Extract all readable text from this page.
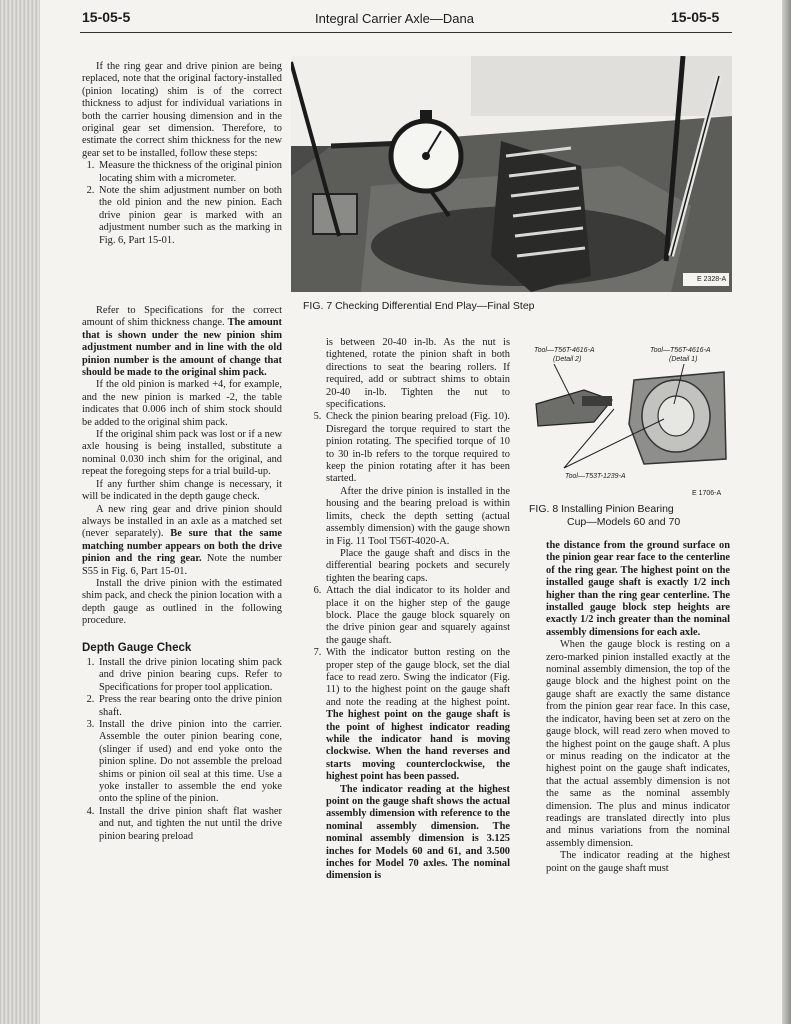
15-05-5	Integral Carrier Axle—Dana	15-05-5
E 2328-A
FIG. 7 Checking Differential End Play—Final Step
Tool—T56T-4616-A
(Detail 2)
Tool—T56T-4616-A
(Detail 1)
Tool—T53T-1239-A
E 1706-A
FIG. 8 Installing Pinion Bearing
Cup—Models 60 and 70

If the ring gear and drive pinion are being replaced, note that the original factory-installed (pinion locating) shim is of the correct thickness to adjust for individual variations in both the carrier housing dimension and in the original gear set dimension. Therefore, to estimate the correct shim thickness for the new gear set to be installed, follow these steps:

1. Measure the thickness of the original pinion locating shim with a micrometer.
2. Note the shim adjustment number on both the old pinion and the new pinion. Each drive pinion gear is marked with an adjustment number such as the marking in Fig. 6, Part 15-01.

Refer to Specifications for the correct amount of shim thickness change. The amount that is shown under the new pinion shim adjustment number and in line with the old pinion number is the amount of change that should be made to the original shim pack.

If the old pinion is marked +4, for example, and the new pinion is marked -2, the table indicates that 0.006 inch of shim stock should be added to the original shim pack.

If the original shim pack was lost or if a new axle housing is being installed, substitute a nominal 0.030 inch shim for the original, and repeat the foregoing steps for a trial build-up.

If any further shim change is necessary, it will be indicated in the depth gauge check.

A new ring gear and drive pinion should always be installed in an axle as a matched set (never separately). Be sure that the same matching number appears on both the drive pinion and the ring gear. Note the number S55 in Fig. 6, Part 15-01.

Install the drive pinion with the estimated shim pack, and check the pinion location with a depth gauge as outlined in the following procedure.

Depth Gauge Check
1. Install the drive pinion locating shim pack and drive pinion bearing cups. Refer to Specifications for proper tool application.
2. Press the rear bearing onto the drive pinion shaft.
3. Install the drive pinion into the carrier. Assemble the outer pinion bearing cone, (slinger if used) and end yoke onto the pinion spline. Do not assemble the preload shims or pinion oil seal at this time. Use a yoke installer to assemble the end yoke onto the spline of the pinion.
4. Install the drive pinion shaft flat washer and nut, and tighten the nut until the drive pinion bearing preload

is between 20-40 in-lb. As the nut is tightened, rotate the pinion shaft in both directions to seat the bearing rollers. If required, add or subtract shims to obtain 20-40 in-lb. Tighten the nut to specifications.

5. Check the pinion bearing preload (Fig. 10). Disregard the torque required to start the pinion rotating. The specified torque of 10 to 30 in-lb refers to the torque required to keep the pinion rotating after it has been started.

After the drive pinion is installed in the housing and the bearing preload is within limits, check the depth setting (actual assembly dimension) with the gauge shown in Fig. 11 Tool T56T-4020-A.

Place the gauge shaft and discs in the differential bearing pockets and securely tighten the bearing caps.

6. Attach the dial indicator to its holder and place it on the higher step of the gauge block. Place the gauge block squarely on the drive pinion gear and squarely against the gauge shaft.
7. With the indicator button resting on the proper step of the gauge block, set the dial face to read zero. Swing the indicator (Fig. 11) to the highest point on the gauge shaft and note the reading at the highest point. The highest point on the gauge shaft is the point of highest indicator reading while the indicator hand is moving clockwise. When the hand reverses and starts moving counterclockwise, the highest point has been passed.

The indicator reading at the highest point on the gauge shaft shows the actual assembly dimension with reference to the nominal assembly dimension. The nominal assembly dimension is 3.125 inches for Models 60 and 61, and 3.500 inches for Model 70 axles. The nominal dimension is

the distance from the ground surface on the pinion gear rear face to the centerline of the ring gear. The highest point on the installed gauge shaft is exactly 1/2 inch higher than the ring gear centerline. The installed gauge block step heights are exactly 1/2 inch greater than the nominal assembly dimensions for each axle.

When the gauge block is resting on a zero-marked pinion installed exactly at the nominal assembly dimension, the top of the gauge block and the highest point on the gauge shaft are exactly the same distance from the pinion gear rear face. In this case, the indicator, having been set at zero on the gauge block, will read zero when moved to the highest point on the gauge shaft. A plus or minus reading on the indicator at the highest point on the gauge shaft indicates, that the actual assembly dimension is not the same as the nominal assembly dimension. The plus and minus indicator readings are translated directly into plus and minus variations from the nominal assembly dimension.

The indicator reading at the highest point on the gauge shaft must
